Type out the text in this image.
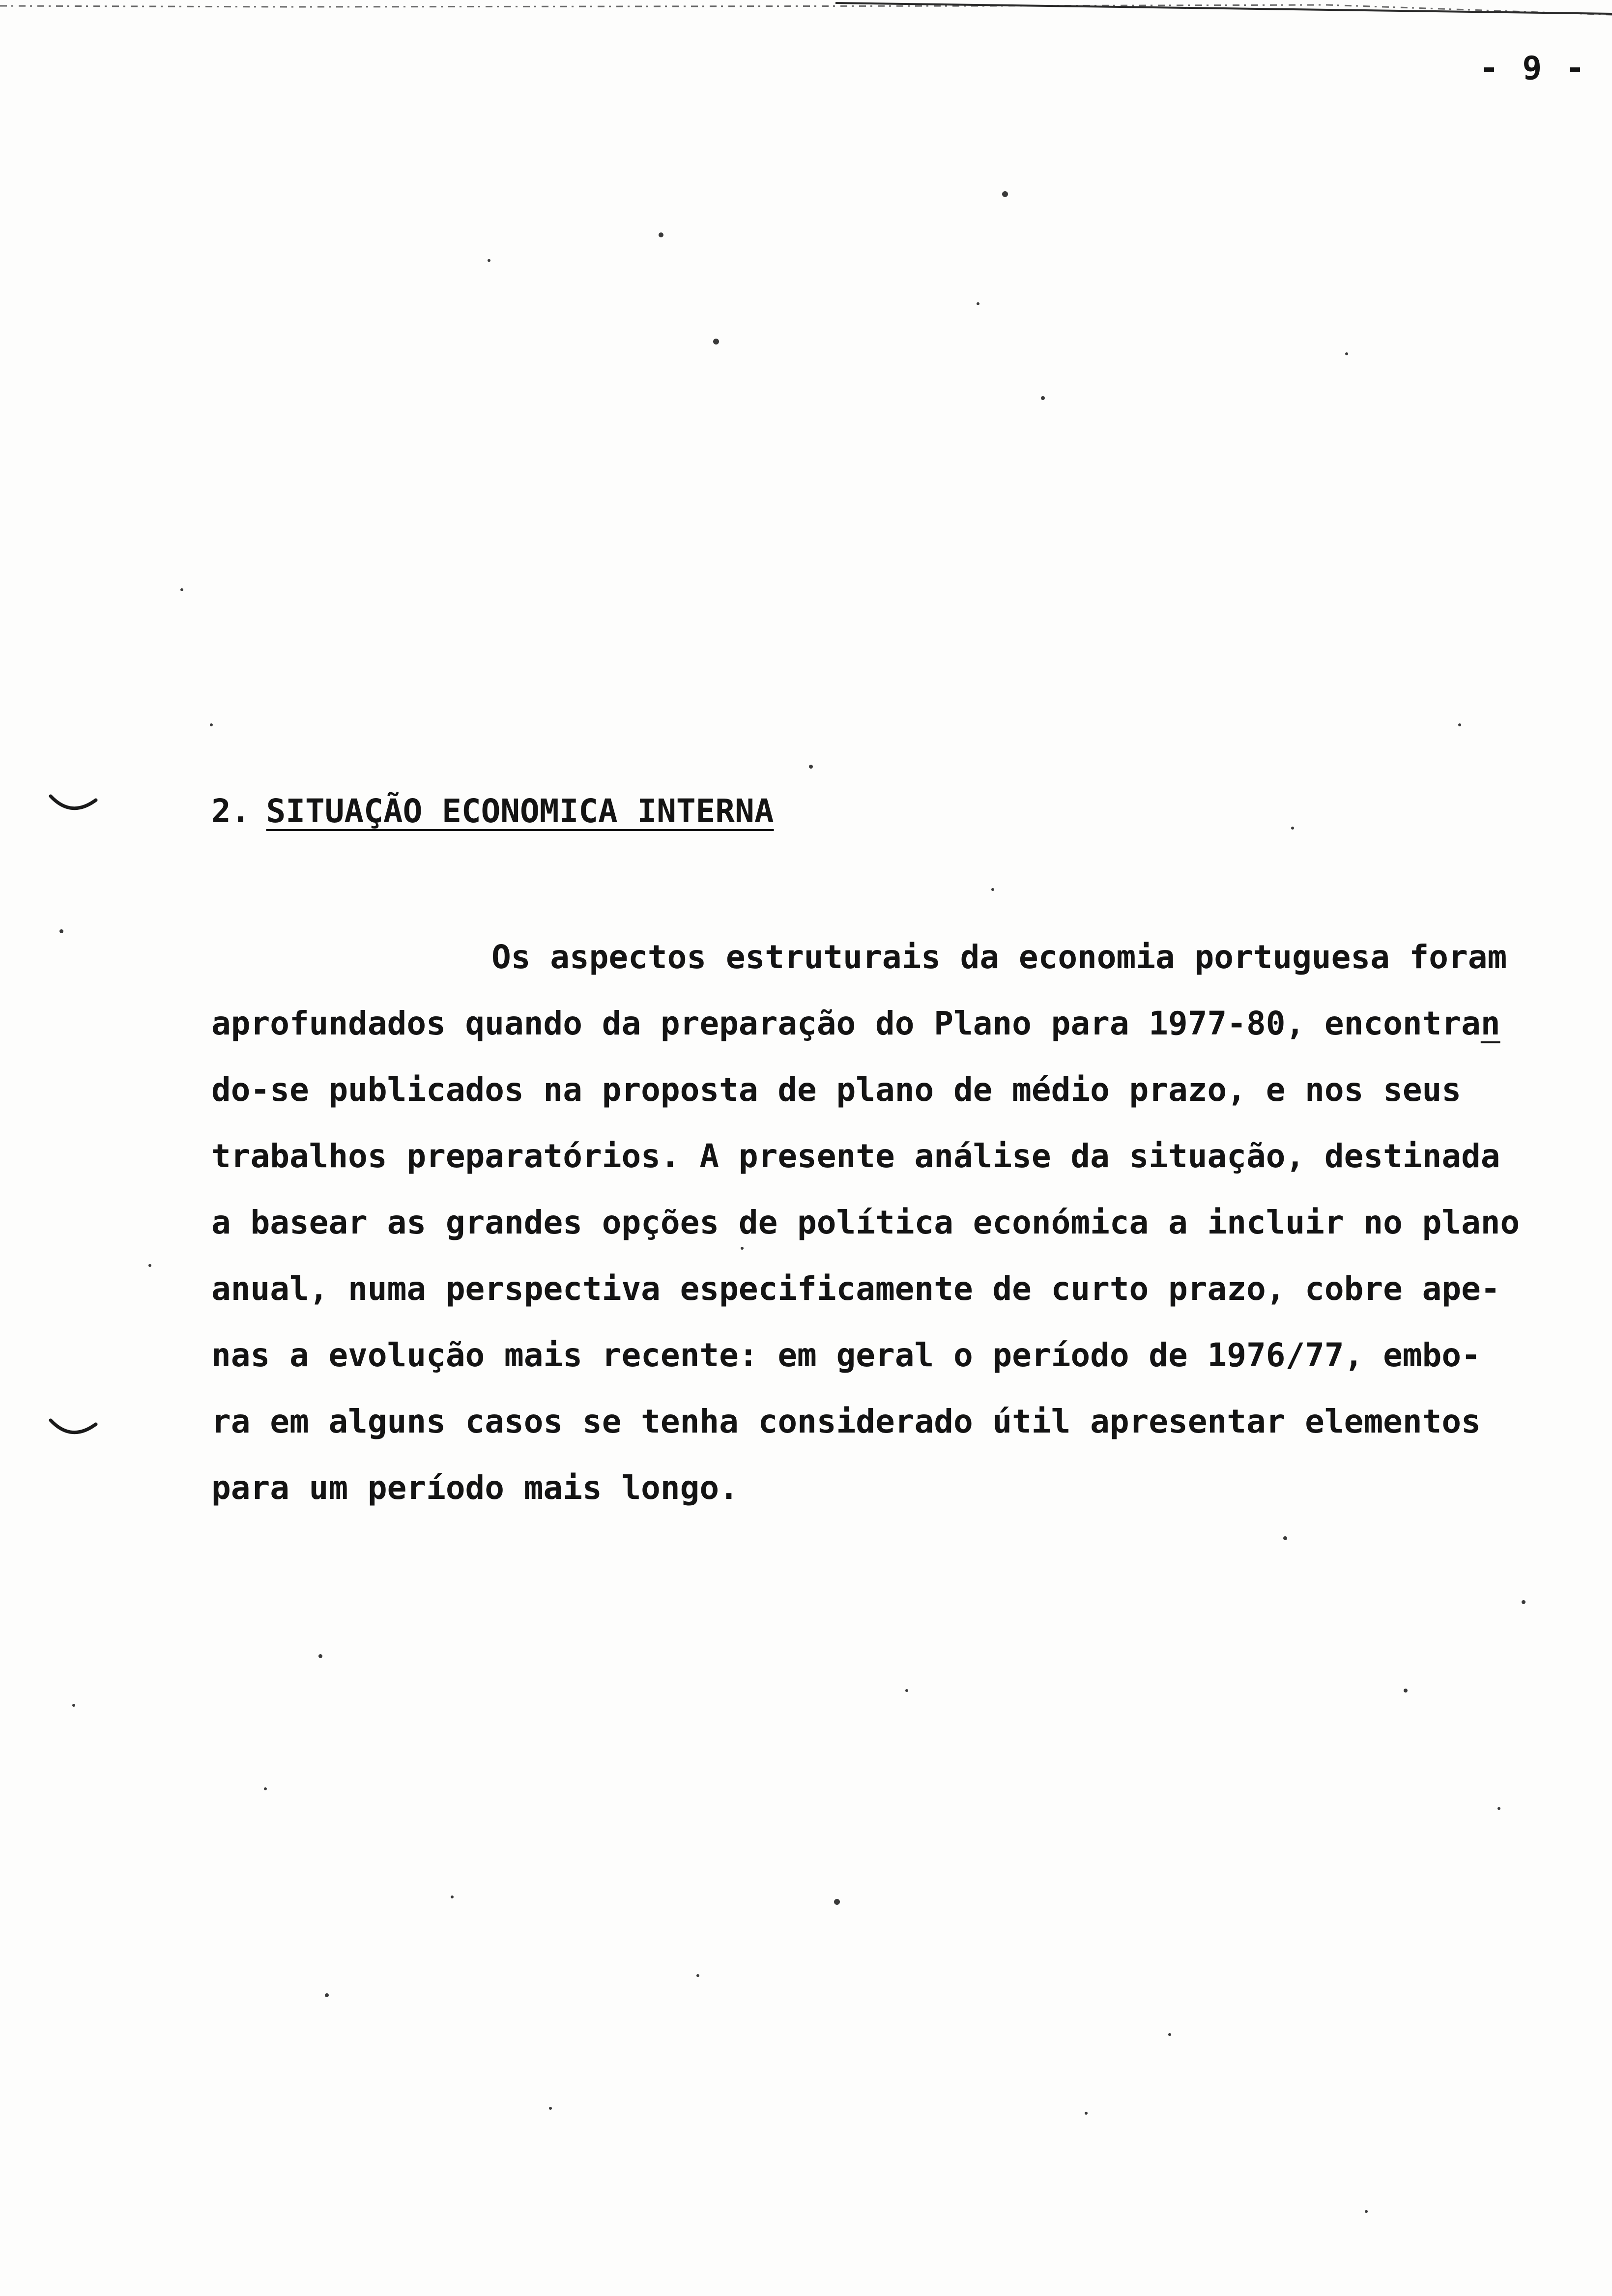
- 9 -
2. SITUAÇÃO ECONOMICA INTERNA
Os aspectos estruturais da economia portuguesa foram
aprofundados quando da preparação do Plano para 1977-80, encontran
do-se publicados na proposta de plano de médio prazo, e nos seus
trabalhos preparatórios. A presente análise da situação, destinada
a basear as grandes opções de política económica a incluir no plano
anual, numa perspectiva especificamente de curto prazo, cobre ape-
nas a evolução mais recente: em geral o período de 1976/77, embo-
ra em alguns casos se tenha considerado útil apresentar elementos
para um período mais longo.
